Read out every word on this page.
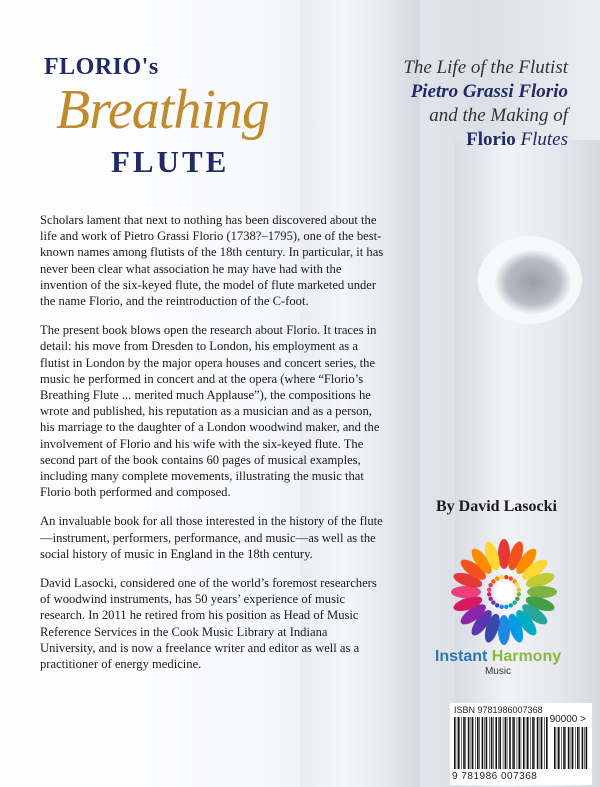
FLORIO's
Breathing
FLUTE
The Life of the Flutist
Pietro Grassi Florio
and the Making of
Florio Flutes

Scholars lament that next to nothing has been discovered about the life and work of Pietro Grassi Florio (1738?–1795), one of the best-known names among flutists of the 18th century. In particular, it has never been clear what association he may have had with the invention of the six-keyed flute, the model of flute marketed under the name Florio, and the reintroduction of the C-foot.

The present book blows open the research about Florio. It traces in detail: his move from Dresden to London, his employment as a flutist in London by the major opera houses and concert series, the music he performed in concert and at the opera (where “Florio’s Breathing Flute ... merited much Applause”), the compositions he wrote and published, his reputation as a musician and as a person, his marriage to the daughter of a London woodwind maker, and the involvement of Florio and his wife with the six-keyed flute. The second part of the book contains 60 pages of musical examples, including many complete movements, illustrating the music that Florio both performed and composed.

An invaluable book for all those interested in the history of the flute—instrument, performers, performance, and music—as well as the social history of music in England in the 18th century.

David Lasocki, considered one of the world’s foremost researchers of woodwind instruments, has 50 years’ experience of music research. In 2011 he retired from his position as Head of Music Reference Services in the Cook Music Library at Indiana University, and is now a freelance writer and editor as well as a practitioner of energy medicine.

By David Lasocki
Instant Harmony
Music
ISBN 9781986007368
90000 >
9 781986 007368
